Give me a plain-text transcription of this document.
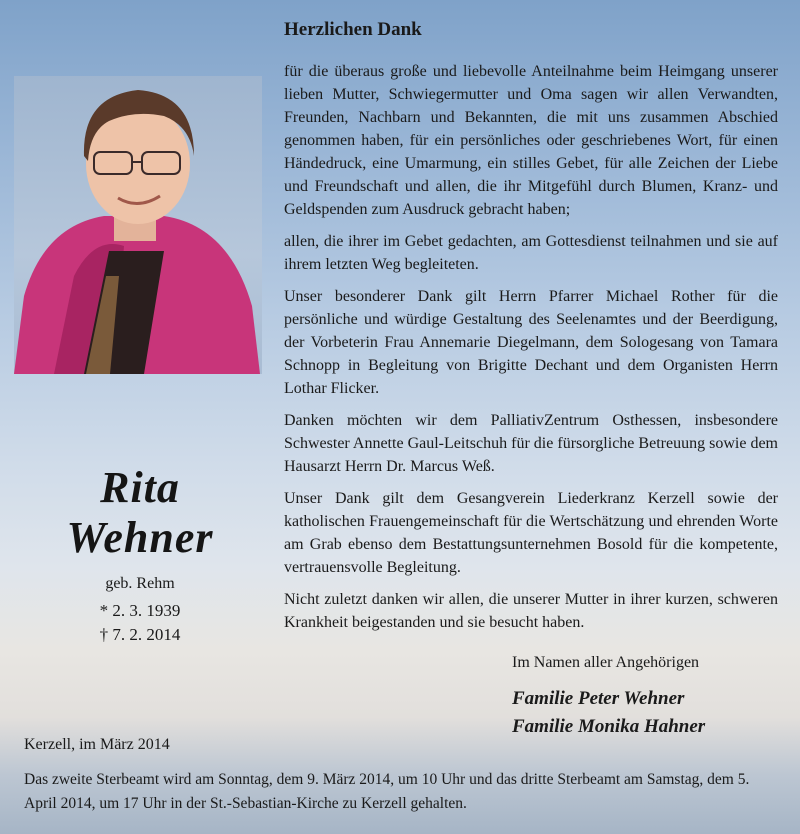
Rita
Wehner
geb. Rehm
* 2. 3. 1939
† 7. 2. 2014
Herzlichen Dank

für die überaus große und liebevolle Anteilnahme beim Heimgang unserer lieben Mutter, Schwiegermutter und Oma sagen wir allen Verwandten, Freunden, Nachbarn und Bekannten, die mit uns zusammen Abschied genommen haben, für ein persönliches oder geschriebenes Wort, für einen Händedruck, eine Umarmung, ein stilles Gebet, für alle Zeichen der Liebe und Freundschaft und allen, die ihr Mitgefühl durch Blumen, Kranz- und Geldspenden zum Ausdruck gebracht haben;

allen, die ihrer im Gebet gedachten, am Gottesdienst teilnahmen und sie auf ihrem letzten Weg begleiteten.

Unser besonderer Dank gilt Herrn Pfarrer Michael Rother für die persönliche und würdige Gestaltung des Seelenamtes und der Beerdigung, der Vorbeterin Frau Annemarie Diegelmann, dem Sologesang von Tamara Schnopp in Begleitung von Brigitte Dechant und dem Organisten Herrn Lothar Flicker.

Danken möchten wir dem PalliativZentrum Osthessen, insbesondere Schwester Annette Gaul-Leitschuh für die fürsorgliche Betreuung sowie dem Hausarzt Herrn Dr. Marcus Weß.

Unser Dank gilt dem Gesangverein Liederkranz Kerzell sowie der katholischen Frauengemeinschaft für die Wertschätzung und ehrenden Worte am Grab ebenso dem Bestattungsunternehmen Bosold für die kompetente, vertrauensvolle Begleitung.

Nicht zuletzt danken wir allen, die unserer Mutter in ihrer kurzen, schweren Krankheit beigestanden und sie besucht haben.

Im Namen aller Angehörigen
Familie Peter Wehner
Familie Monika Hahner
Kerzell, im März 2014
Das zweite Sterbeamt wird am Sonntag, dem 9. März 2014, um 10 Uhr und das dritte Sterbeamt am Samstag, dem 5. April 2014, um 17 Uhr in der St.-Sebastian-Kirche zu Kerzell gehalten.
